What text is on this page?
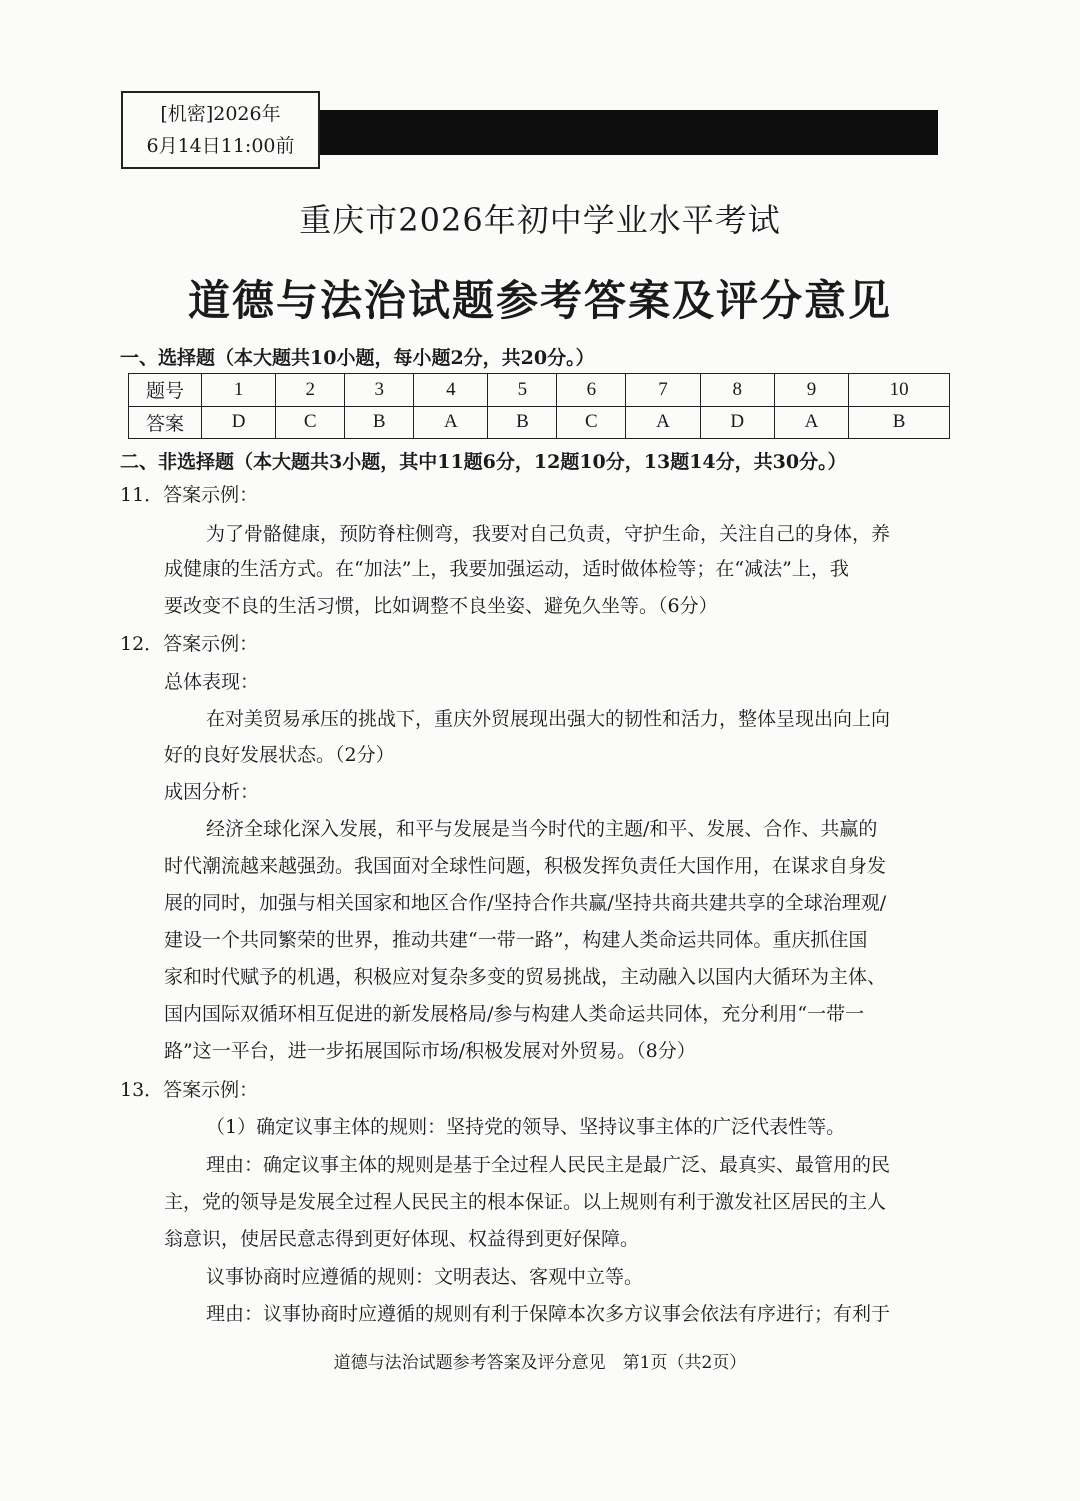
[机密]2026年
6月14日11:00前
重庆市2026年初中学业水平考试
道德与法治试题参考答案及评分意见
一、选择题（本大题共10小题，每小题2分，共20分。）
题号	1	2	3	4	5	6	7	8	9	10
答案	D	C	B	A	B	C	A	D	A	B
二、非选择题（本大题共3小题，其中11题6分，12题10分，13题14分，共30分。）
11．答案示例：
为了骨骼健康，预防脊柱侧弯，我要对自己负责，守护生命，关注自己的身体，养
成健康的生活方式。在“加法”上，我要加强运动，适时做体检等；在“减法”上，我
要改变不良的生活习惯，比如调整不良坐姿、避免久坐等。（6分）
12．答案示例：
总体表现：
在对美贸易承压的挑战下，重庆外贸展现出强大的韧性和活力，整体呈现出向上向
好的良好发展状态。（2分）
成因分析：
经济全球化深入发展，和平与发展是当今时代的主题/和平、发展、合作、共赢的
时代潮流越来越强劲。我国面对全球性问题，积极发挥负责任大国作用，在谋求自身发
展的同时，加强与相关国家和地区合作/坚持合作共赢/坚持共商共建共享的全球治理观/
建设一个共同繁荣的世界，推动共建“一带一路”，构建人类命运共同体。重庆抓住国
家和时代赋予的机遇，积极应对复杂多变的贸易挑战，主动融入以国内大循环为主体、
国内国际双循环相互促进的新发展格局/参与构建人类命运共同体，充分利用“一带一
路”这一平台，进一步拓展国际市场/积极发展对外贸易。（8分）
13．答案示例：
（1）确定议事主体的规则：坚持党的领导、坚持议事主体的广泛代表性等。
理由：确定议事主体的规则是基于全过程人民民主是最广泛、最真实、最管用的民
主，党的领导是发展全过程人民民主的根本保证。以上规则有利于激发社区居民的主人
翁意识，使居民意志得到更好体现、权益得到更好保障。
议事协商时应遵循的规则：文明表达、客观中立等。
理由：议事协商时应遵循的规则有利于保障本次多方议事会依法有序进行；有利于
道德与法治试题参考答案及评分意见　第1页（共2页）
